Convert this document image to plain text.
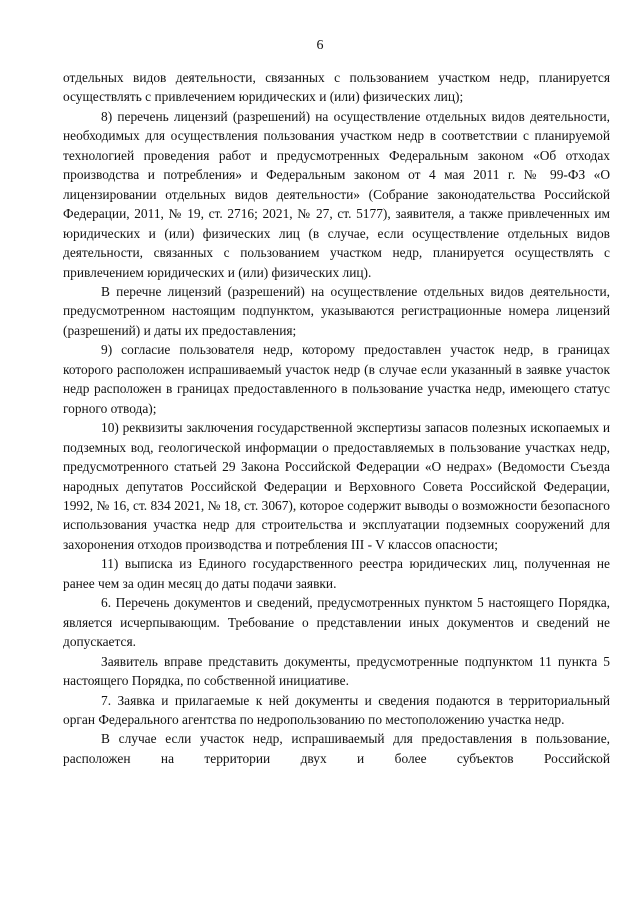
6

отдельных видов деятельности, связанных с пользованием участком недр, планируется осуществлять с привлечением юридических и (или) физических лиц);

8) перечень лицензий (разрешений) на осуществление отдельных видов деятельности, необходимых для осуществления пользования участком недр в соответствии с планируемой технологией проведения работ и предусмотренных Федеральным законом «Об отходах производства и потребления» и Федеральным законом от 4 мая 2011 г. № 99-ФЗ «О лицензировании отдельных видов деятельности» (Собрание законодательства Российской Федерации, 2011, № 19, ст. 2716; 2021, № 27, ст. 5177), заявителя, а также привлеченных им юридических и (или) физических лиц (в случае, если осуществление отдельных видов деятельности, связанных с пользованием участком недр, планируется осуществлять с привлечением юридических и (или) физических лиц).

В перечне лицензий (разрешений) на осуществление отдельных видов деятельности, предусмотренном настоящим подпунктом, указываются регистрационные номера лицензий (разрешений) и даты их предоставления;

9) согласие пользователя недр, которому предоставлен участок недр, в границах которого расположен испрашиваемый участок недр (в случае если указанный в заявке участок недр расположен в границах предоставленного в пользование участка недр, имеющего статус горного отвода);

10) реквизиты заключения государственной экспертизы запасов полезных ископаемых и подземных вод, геологической информации о предоставляемых в пользование участках недр, предусмотренного статьей 29 Закона Российской Федерации «О недрах» (Ведомости Съезда народных депутатов Российской Федерации и Верховного Совета Российской Федерации, 1992, № 16, ст. 834 2021, № 18, ст. 3067), которое содержит выводы о возможности безопасного использования участка недр для строительства и эксплуатации подземных сооружений для захоронения отходов производства и потребления III - V классов опасности;

11) выписка из Единого государственного реестра юридических лиц, полученная не ранее чем за один месяц до даты подачи заявки.

6. Перечень документов и сведений, предусмотренных пунктом 5 настоящего Порядка, является исчерпывающим. Требование о представлении иных документов и сведений не допускается.

Заявитель вправе представить документы, предусмотренные подпунктом 11 пункта 5 настоящего Порядка, по собственной инициативе.

7. Заявка и прилагаемые к ней документы и сведения подаются в территориальный орган Федерального агентства по недропользованию по местоположению участка недр.

В случае если участок недр, испрашиваемый для предоставления в пользование, расположен на территории двух и более субъектов Российской
